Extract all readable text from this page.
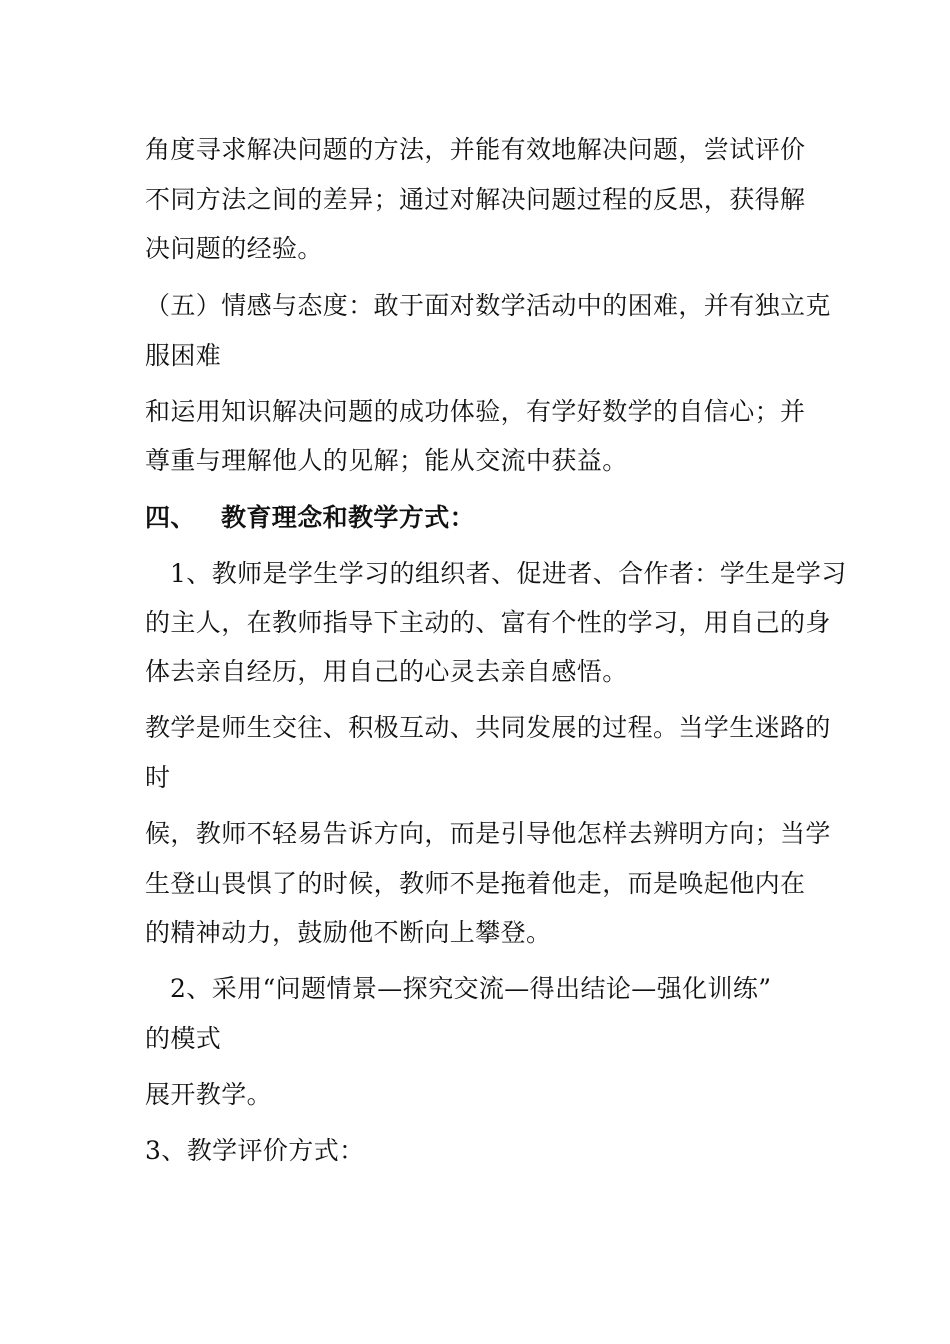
角度寻求解决问题的方法，并能有效地解决问题，尝试评价
不同方法之间的差异；通过对解决问题过程的反思，获得解
决问题的经验。
（五）情感与态度：敢于面对数学活动中的困难，并有独立克
服困难
和运用知识解决问题的成功体验，有学好数学的自信心；并
尊重与理解他人的见解；能从交流中获益。
四、 教育理念和教学方式：
1、教师是学生学习的组织者、促进者、合作者：学生是学习
的主人，在教师指导下主动的、富有个性的学习，用自己的身
体去亲自经历，用自己的心灵去亲自感悟。
教学是师生交往、积极互动、共同发展的过程。当学生迷路的
时
候，教师不轻易告诉方向，而是引导他怎样去辨明方向；当学
生登山畏惧了的时候，教师不是拖着他走，而是唤起他内在
的精神动力，鼓励他不断向上攀登。
2、采用“问题情景—探究交流—得出结论—强化训练”
的模式
展开教学。
3、教学评价方式：
